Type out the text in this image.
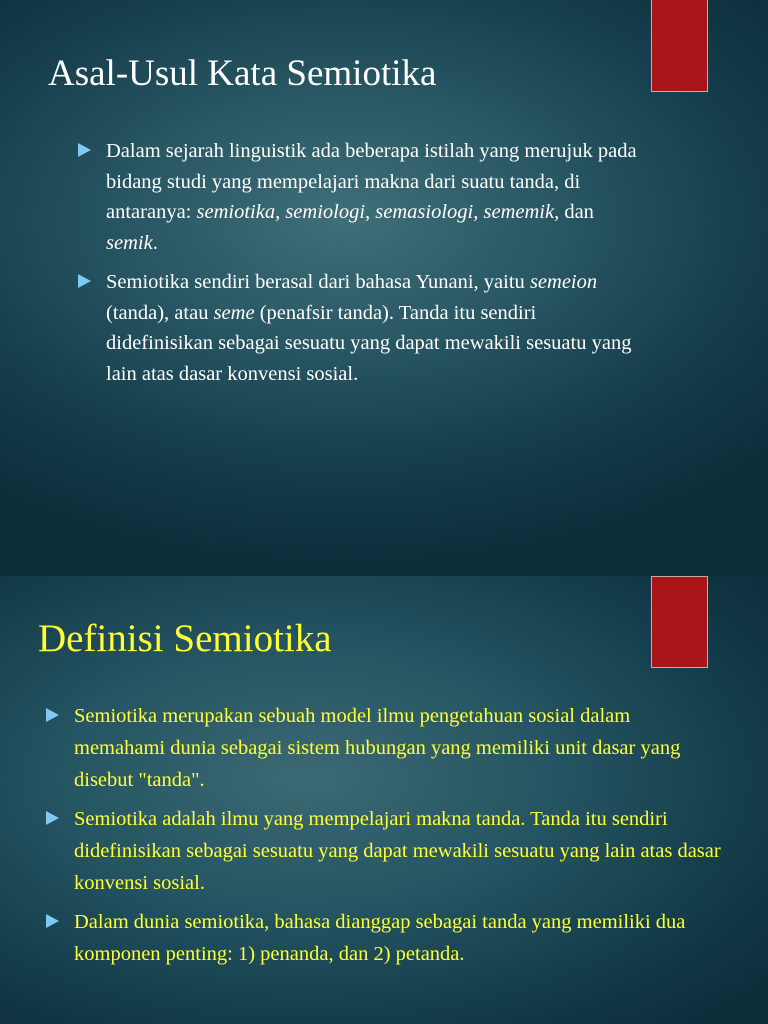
Asal-Usul Kata Semiotika
Dalam sejarah linguistik ada beberapa istilah yang merujuk pada bidang studi yang mempelajari makna dari suatu tanda, di antaranya: semiotika, semiologi, semasiologi, sememik, dan semik.
Semiotika sendiri berasal dari bahasa Yunani, yaitu semeion (tanda), atau seme (penafsir tanda). Tanda itu sendiri didefinisikan sebagai sesuatu yang dapat mewakili sesuatu yang lain atas dasar konvensi sosial.
Definisi Semiotika
Semiotika merupakan sebuah model ilmu pengetahuan sosial dalam memahami dunia sebagai sistem hubungan yang memiliki unit dasar yang disebut "tanda".
Semiotika adalah ilmu yang mempelajari makna tanda. Tanda itu sendiri didefinisikan sebagai sesuatu yang dapat mewakili sesuatu yang lain atas dasar konvensi sosial.
Dalam dunia semiotika, bahasa dianggap sebagai tanda yang memiliki dua komponen penting: 1) penanda, dan 2) petanda.
